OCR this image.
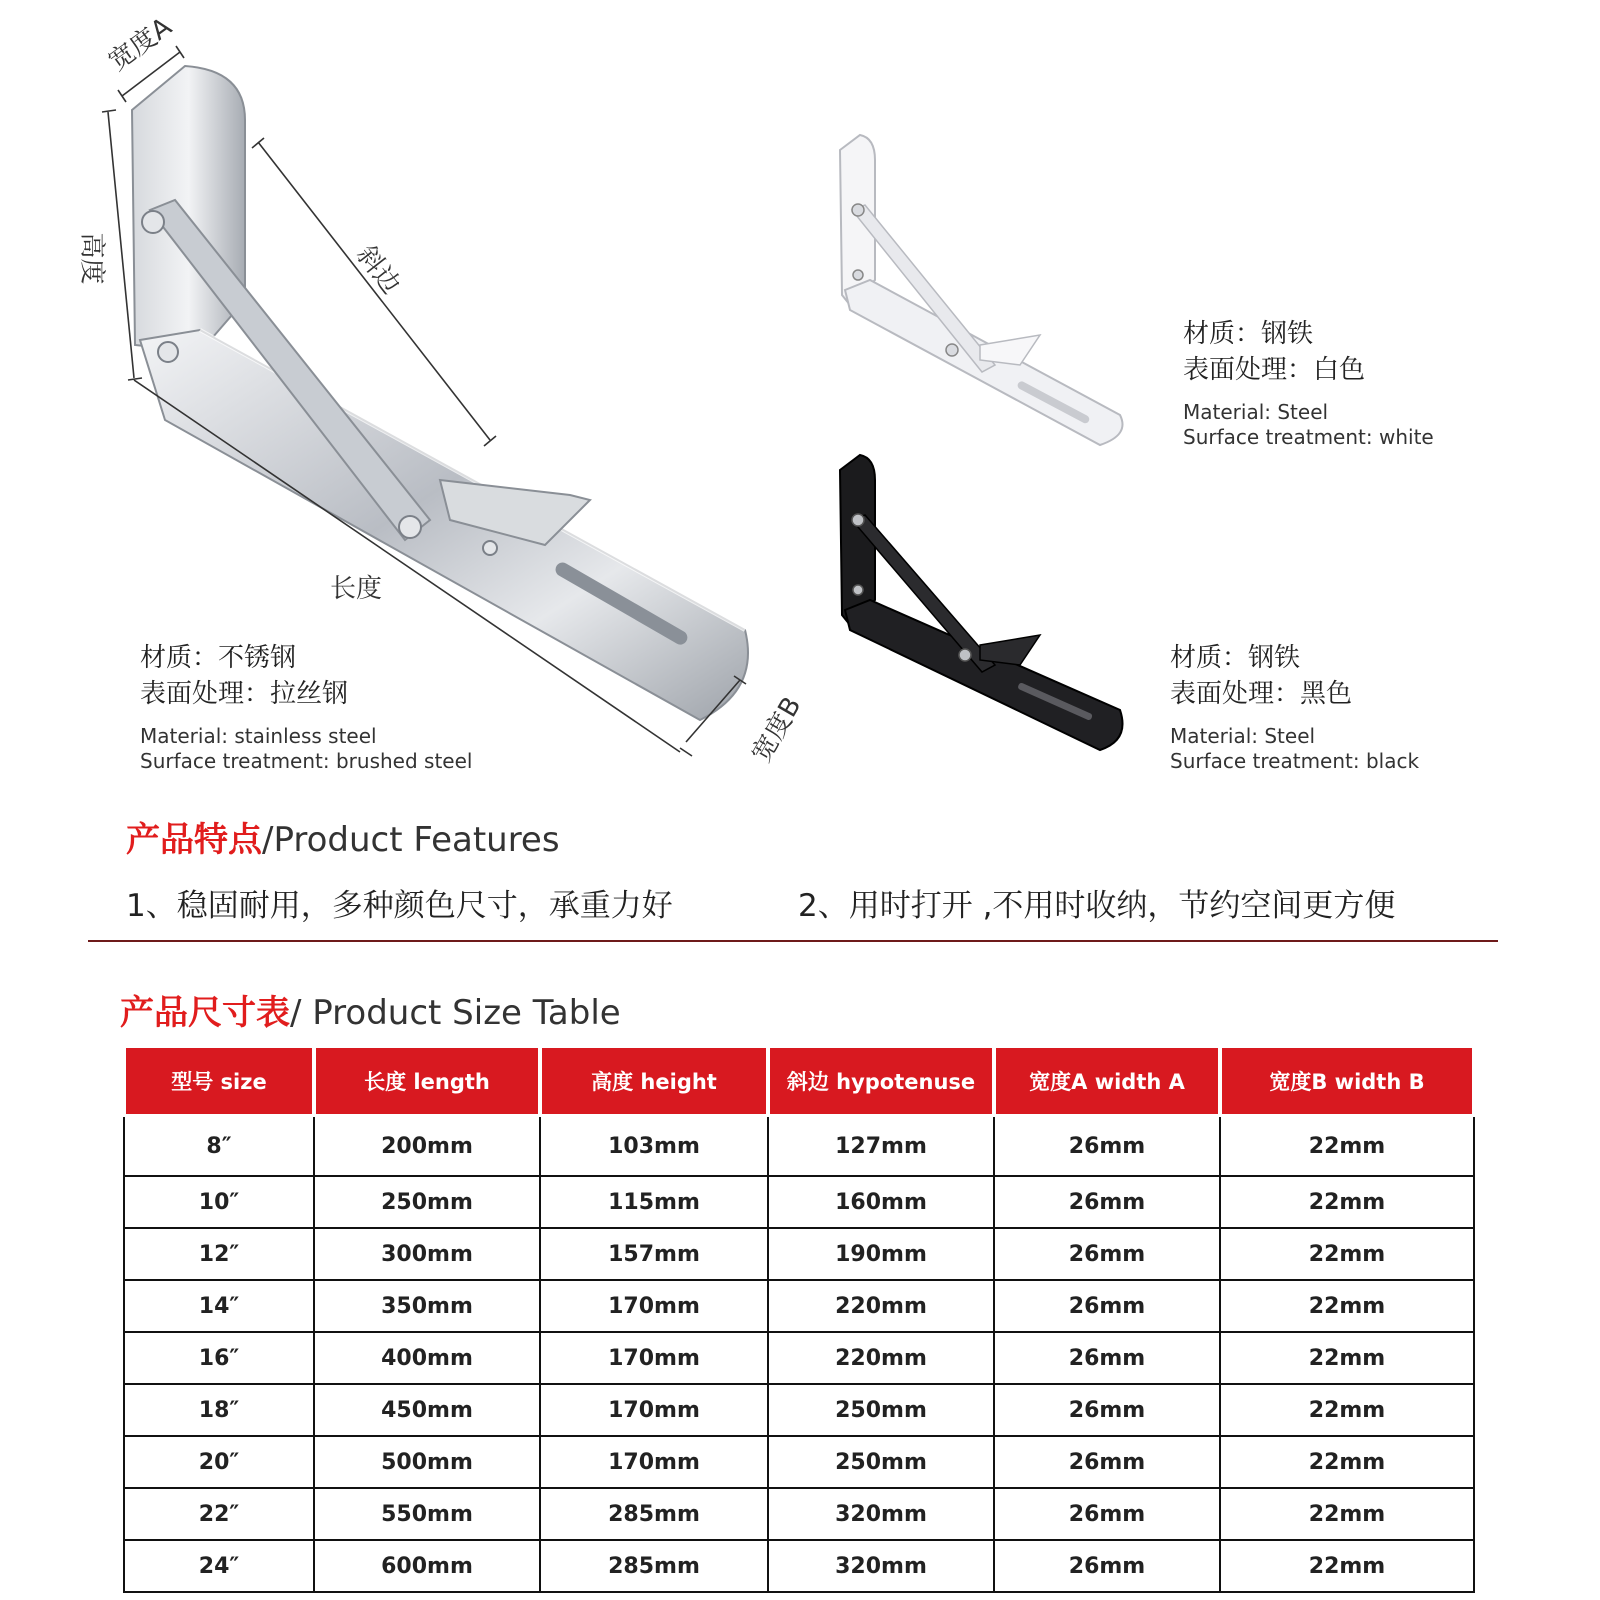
宽度A
高度	斜边
长度
宽度B
材质：不锈钢
表面处理：拉丝钢
Material: stainless steel
Surface treatment: brushed steel
材质：钢铁
表面处理：白色
Material: Steel
Surface treatment: white
材质：钢铁
表面处理：黑色
Material: Steel
Surface treatment: black
产品特点/Product Features
1、稳固耐用，多种颜色尺寸，承重力好	2、用时打开 ,不用时收纳，节约空间更方便
产品尺寸表/ Product Size Table
型号 size	长度 length	高度 height	斜边 hypotenuse	宽度A width A	宽度B width B
8″	200mm	103mm	127mm	26mm	22mm
10″	250mm	115mm	160mm	26mm	22mm
12″	300mm	157mm	190mm	26mm	22mm
14″	350mm	170mm	220mm	26mm	22mm
16″	400mm	170mm	220mm	26mm	22mm
18″	450mm	170mm	250mm	26mm	22mm
20″	500mm	170mm	250mm	26mm	22mm
22″	550mm	285mm	320mm	26mm	22mm
24″	600mm	285mm	320mm	26mm	22mm
